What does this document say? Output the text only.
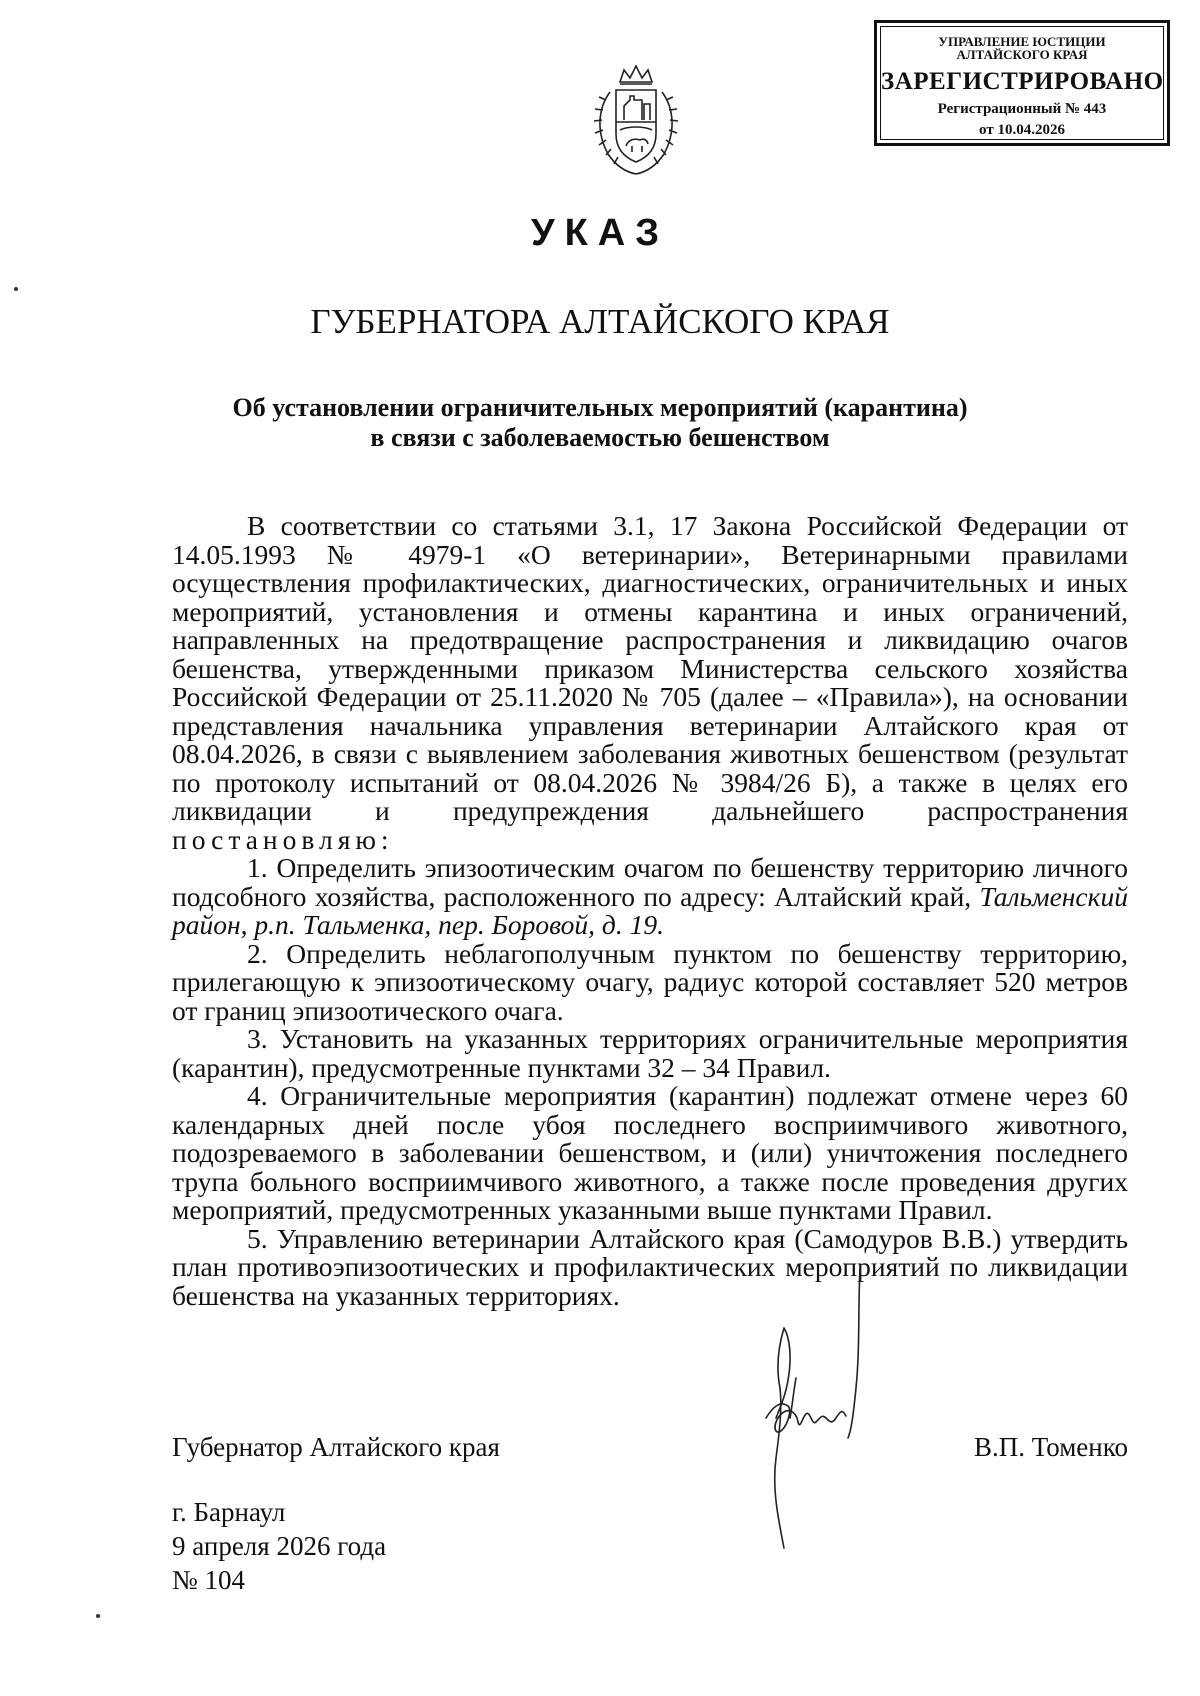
УПРАВЛЕНИЕ ЮСТИЦИИ
АЛТАЙСКОГО КРАЯ
ЗАРЕГИСТРИРОВАНО
Регистрационный № 443
от 10.04.2026
УКАЗ
ГУБЕРНАТОРА АЛТАЙСКОГО КРАЯ
Об установлении ограничительных мероприятий (карантина)
в связи с заболеваемостью бешенством

В соответствии со статьями 3.1, 17 Закона Российской Федерации от 14.05.1993 № 4979-1 «О ветеринарии», Ветеринарными правилами осуществления профилактических, диагностических, ограничительных и иных мероприятий, установления и отмены карантина и иных ограничений, направленных на предотвращение распространения и ликвидацию очагов бешенства, утвержденными приказом Министерства сельского хозяйства Российской Федерации от 25.11.2020 № 705 (далее – «Правила»), на основании представления начальника управления ветеринарии Алтайского края от 08.04.2026, в связи с выявлением заболевания животных бешенством (результат по протоколу испытаний от 08.04.2026 № 3984/26 Б), а также в целях его ликвидации и предупреждения дальнейшего распространения постановляю:

1. Определить эпизоотическим очагом по бешенству территорию личного подсобного хозяйства, расположенного по адресу: Алтайский край, Тальменский район, р.п. Тальменка, пер. Боровой, д. 19.

2. Определить неблагополучным пунктом по бешенству территорию, прилегающую к эпизоотическому очагу, радиус которой составляет 520 метров от границ эпизоотического очага.

3. Установить на указанных территориях ограничительные мероприятия (карантин), предусмотренные пунктами 32 – 34 Правил.

4. Ограничительные мероприятия (карантин) подлежат отмене через 60 календарных дней после убоя последнего восприимчивого животного, подозреваемого в заболевании бешенством, и (или) уничтожения последнего трупа больного восприимчивого животного, а также после проведения других мероприятий, предусмотренных указанными выше пунктами Правил.

5. Управлению ветеринарии Алтайского края (Самодуров В.В.) утвердить план противоэпизоотических и профилактических мероприятий по ликвидации бешенства на указанных территориях.

Губернатор Алтайского края	В.П. Томенко
г. Барнаул
9 апреля 2026 года
№ 104
